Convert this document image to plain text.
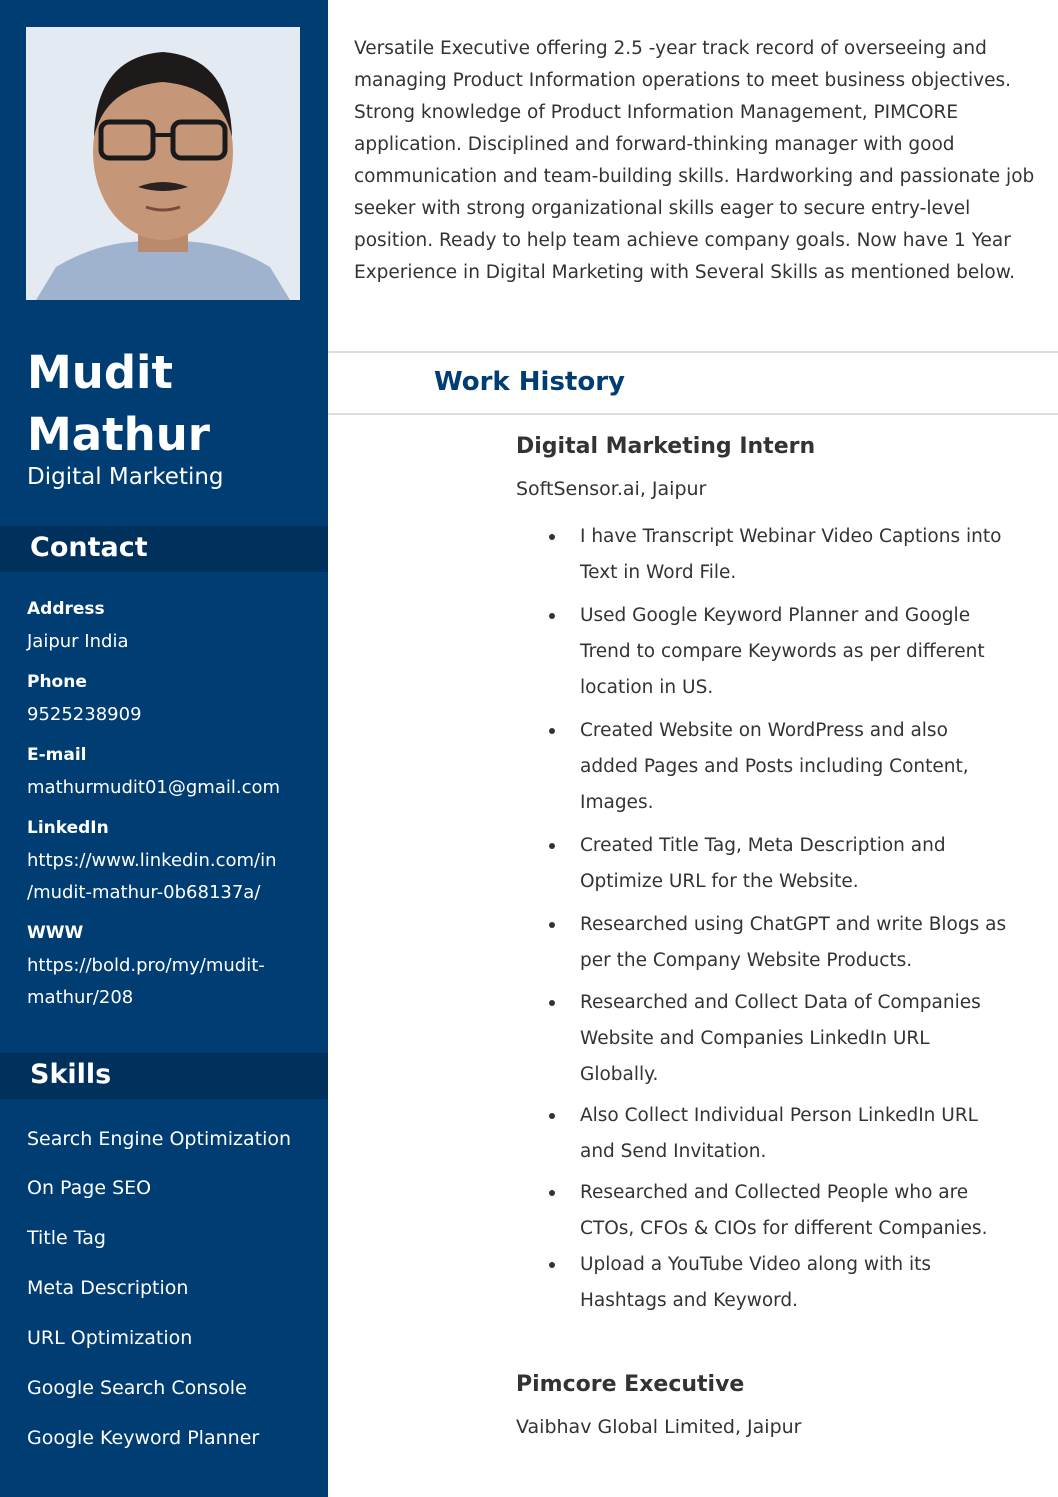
Mudit
Mathur
Digital Marketing
Contact
Address
Jaipur India
Phone
9525238909
E-mail
mathurmudit01@gmail.com
LinkedIn
https://www.linkedin.com/in
/mudit-mathur-0b68137a/
WWW
https://bold.pro/my/mudit-
mathur/208
Skills
Search Engine Optimization
On Page SEO
Title Tag
Meta Description
URL Optimization
Google Search Console
Google Keyword Planner
Versatile Executive offering 2.5 -year track record of overseeing and managing Product Information operations to meet business objectives. Strong knowledge of Product Information Management, PIMCORE application. Disciplined and forward-thinking manager with good communication and team-building skills. Hardworking and passionate job seeker with strong organizational skills eager to secure entry-level position. Ready to help team achieve company goals. Now have 1 Year Experience in Digital Marketing with Several Skills as mentioned below.
Work History
Digital Marketing Intern
SoftSensor.ai, Jaipur
I have Transcript Webinar Video Captions into
Text in Word File.
Used Google Keyword Planner and Google
Trend to compare Keywords as per different
location in US.
Created Website on WordPress and also
added Pages and Posts including Content,
Images.
Created Title Tag, Meta Description and
Optimize URL for the Website.
Researched using ChatGPT and write Blogs as
per the Company Website Products.
Researched and Collect Data of Companies
Website and Companies LinkedIn URL
Globally.
Also Collect Individual Person LinkedIn URL
and Send Invitation.
Researched and Collected People who are
CTOs, CFOs & CIOs for different Companies.
Upload a YouTube Video along with its
Hashtags and Keyword.
Pimcore Executive
Vaibhav Global Limited, Jaipur
